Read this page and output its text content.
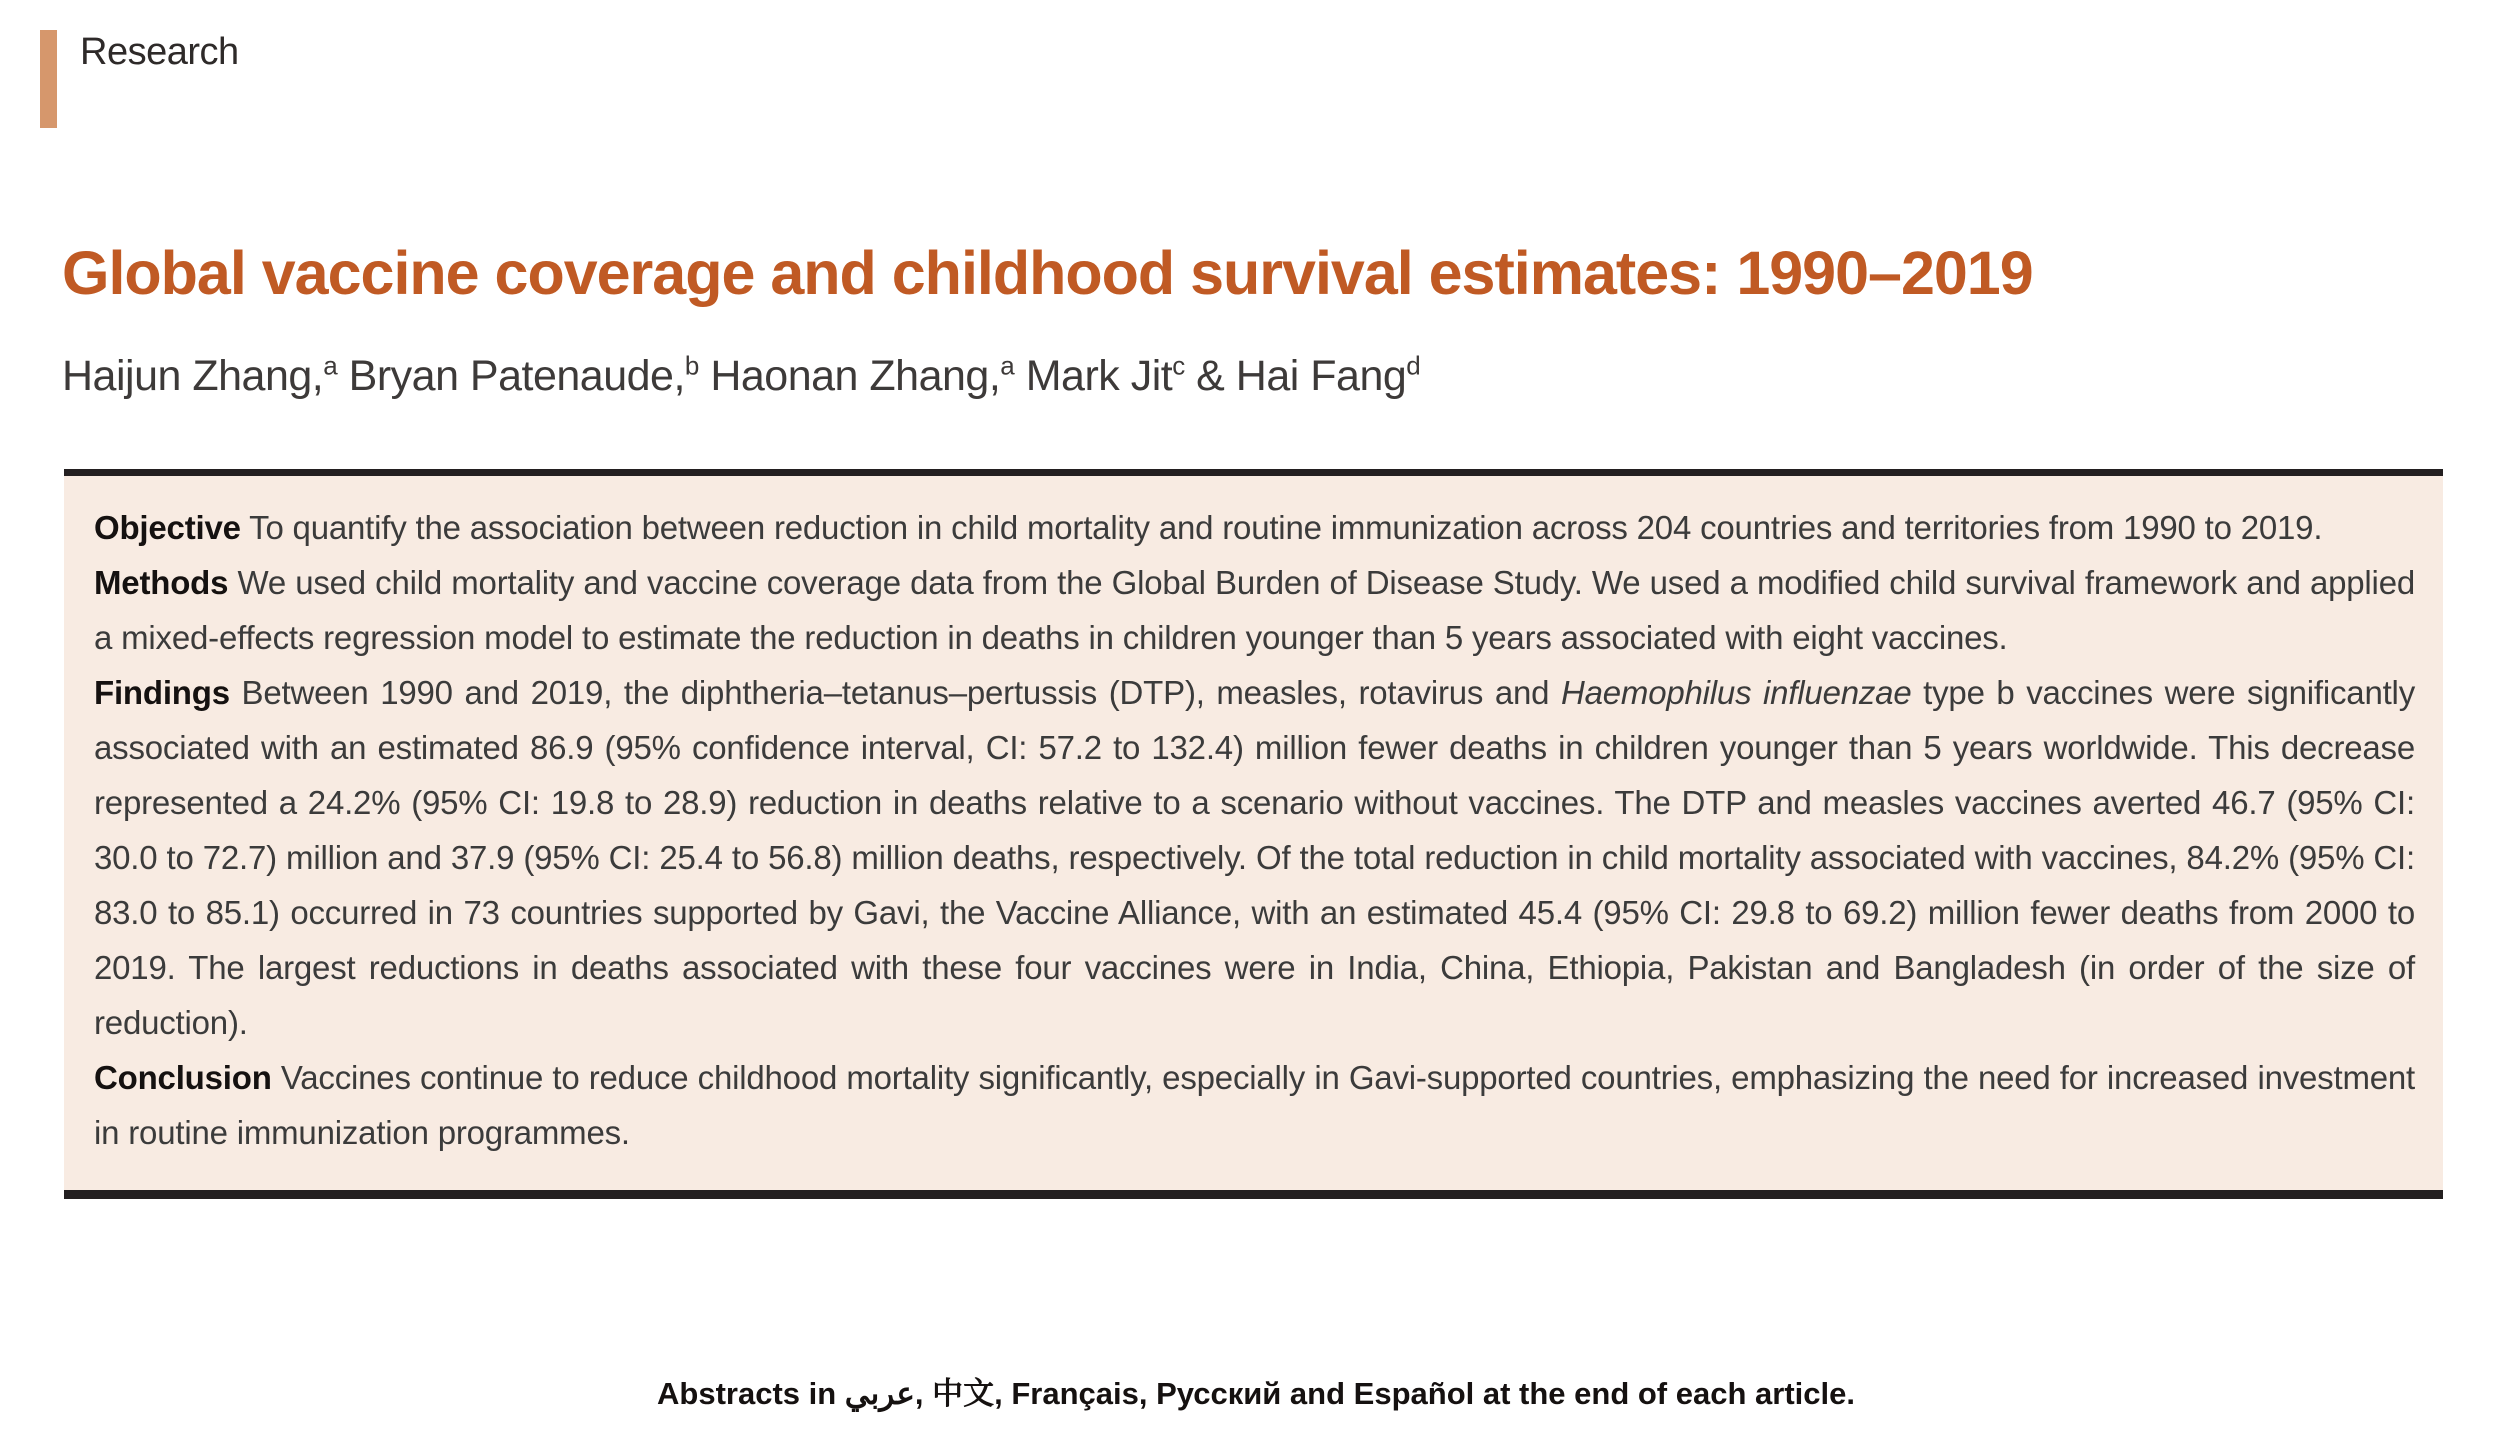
Research
Global vaccine coverage and childhood survival estimates: 1990–2019
Haijun Zhang,$^a$ Bryan Patenaude,$^b$ Haonan Zhang,$^a$ Mark Jit$^c$ & Hai Fang$^d$

Objective To quantify the association between reduction in child mortality and routine immunization across 204 countries and territories from 1990 to 2019.

Methods We used child mortality and vaccine coverage data from the Global Burden of Disease Study. We used a modified child survival framework and applied a mixed-effects regression model to estimate the reduction in deaths in children younger than 5 years associated with eight vaccines.

Findings Between 1990 and 2019, the diphtheria–tetanus–pertussis (DTP), measles, rotavirus and Haemophilus influenzae type b vaccines were significantly associated with an estimated 86.9 (95% confidence interval, CI: 57.2 to 132.4) million fewer deaths in children younger than 5 years worldwide. This decrease represented a 24.2% (95% CI: 19.8 to 28.9) reduction in deaths relative to a scenario without vaccines. The DTP and measles vaccines averted 46.7 (95% CI: 30.0 to 72.7) million and 37.9 (95% CI: 25.4 to 56.8) million deaths, respectively. Of the total reduction in child mortality associated with vaccines, 84.2% (95% CI: 83.0 to 85.1) occurred in 73 countries supported by Gavi, the Vaccine Alliance, with an estimated 45.4 (95% CI: 29.8 to 69.2) million fewer deaths from 2000 to 2019. The largest reductions in deaths associated with these four vaccines were in India, China, Ethiopia, Pakistan and Bangladesh (in order of the size of reduction).

Conclusion Vaccines continue to reduce childhood mortality significantly, especially in Gavi-supported countries, emphasizing the need for increased investment in routine immunization programmes.

Abstracts in عربي, 中文, Français, Русский and Español at the end of each article.
